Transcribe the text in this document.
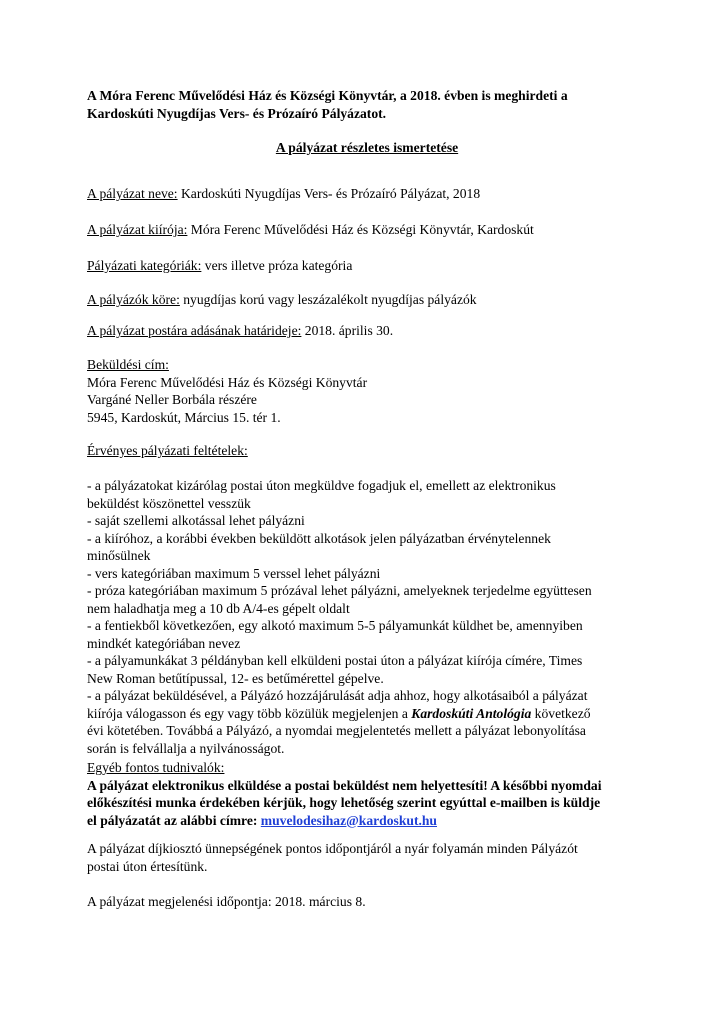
A Móra Ferenc Művelődési Ház és Községi Könyvtár, a 2018. évben is meghirdeti a

Kardoskúti Nyugdíjas Vers- és Prózaíró Pályázatot.

A pályázat részletes ismertetése
A pályázat neve: Kardoskúti Nyugdíjas Vers- és Prózaíró Pályázat, 2018
A pályázat kiírója: Móra Ferenc Művelődési Ház és Községi Könyvtár, Kardoskút
Pályázati kategóriák: vers illetve próza kategória
A pályázók köre: nyugdíjas korú vagy leszázalékolt nyugdíjas pályázók
A pályázat postára adásának határideje: 2018. április 30.

Beküldési cím:

Móra Ferenc Művelődési Ház és Községi Könyvtár

Vargáné Neller Borbála részére

5945, Kardoskút, Március 15. tér 1.

Érvényes pályázati feltételek:

- a pályázatokat kizárólag postai úton megküldve fogadjuk el, emellett az elektronikus

beküldést köszönettel vesszük

- saját szellemi alkotással lehet pályázni

- a kiíróhoz, a korábbi években beküldött alkotások jelen pályázatban érvénytelennek

minősülnek

- vers kategóriában maximum 5 verssel lehet pályázni

- próza kategóriában maximum 5 prózával lehet pályázni, amelyeknek terjedelme együttesen

nem haladhatja meg a 10 db A/4-es gépelt oldalt

- a fentiekből következően, egy alkotó maximum 5-5 pályamunkát küldhet be, amennyiben

mindkét kategóriában nevez

- a pályamunkákat 3 példányban kell elküldeni postai úton a pályázat kiírója címére, Times

New Roman betűtípussal, 12- es betűmérettel gépelve.

- a pályázat beküldésével, a Pályázó hozzájárulását adja ahhoz, hogy alkotásaiból a pályázat

kiírója válogasson és egy vagy több közülük megjelenjen a Kardoskúti Antológia következő

évi kötetében. Továbbá a Pályázó, a nyomdai megjelentetés mellett a pályázat lebonyolítása

során is felvállalja a nyilvánosságot.

Egyéb fontos tudnivalók:

A pályázat elektronikus elküldése a postai beküldést nem helyettesíti! A későbbi nyomdai

előkészítési munka érdekében kérjük, hogy lehetőség szerint egyúttal e-mailben is küldje

el pályázatát az alábbi címre: muvelodesihaz@kardoskut.hu

A pályázat díjkiosztó ünnepségének pontos időpontjáról a nyár folyamán minden Pályázót

postai úton értesítünk.

A pályázat megjelenési időpontja: 2018. március 8.
